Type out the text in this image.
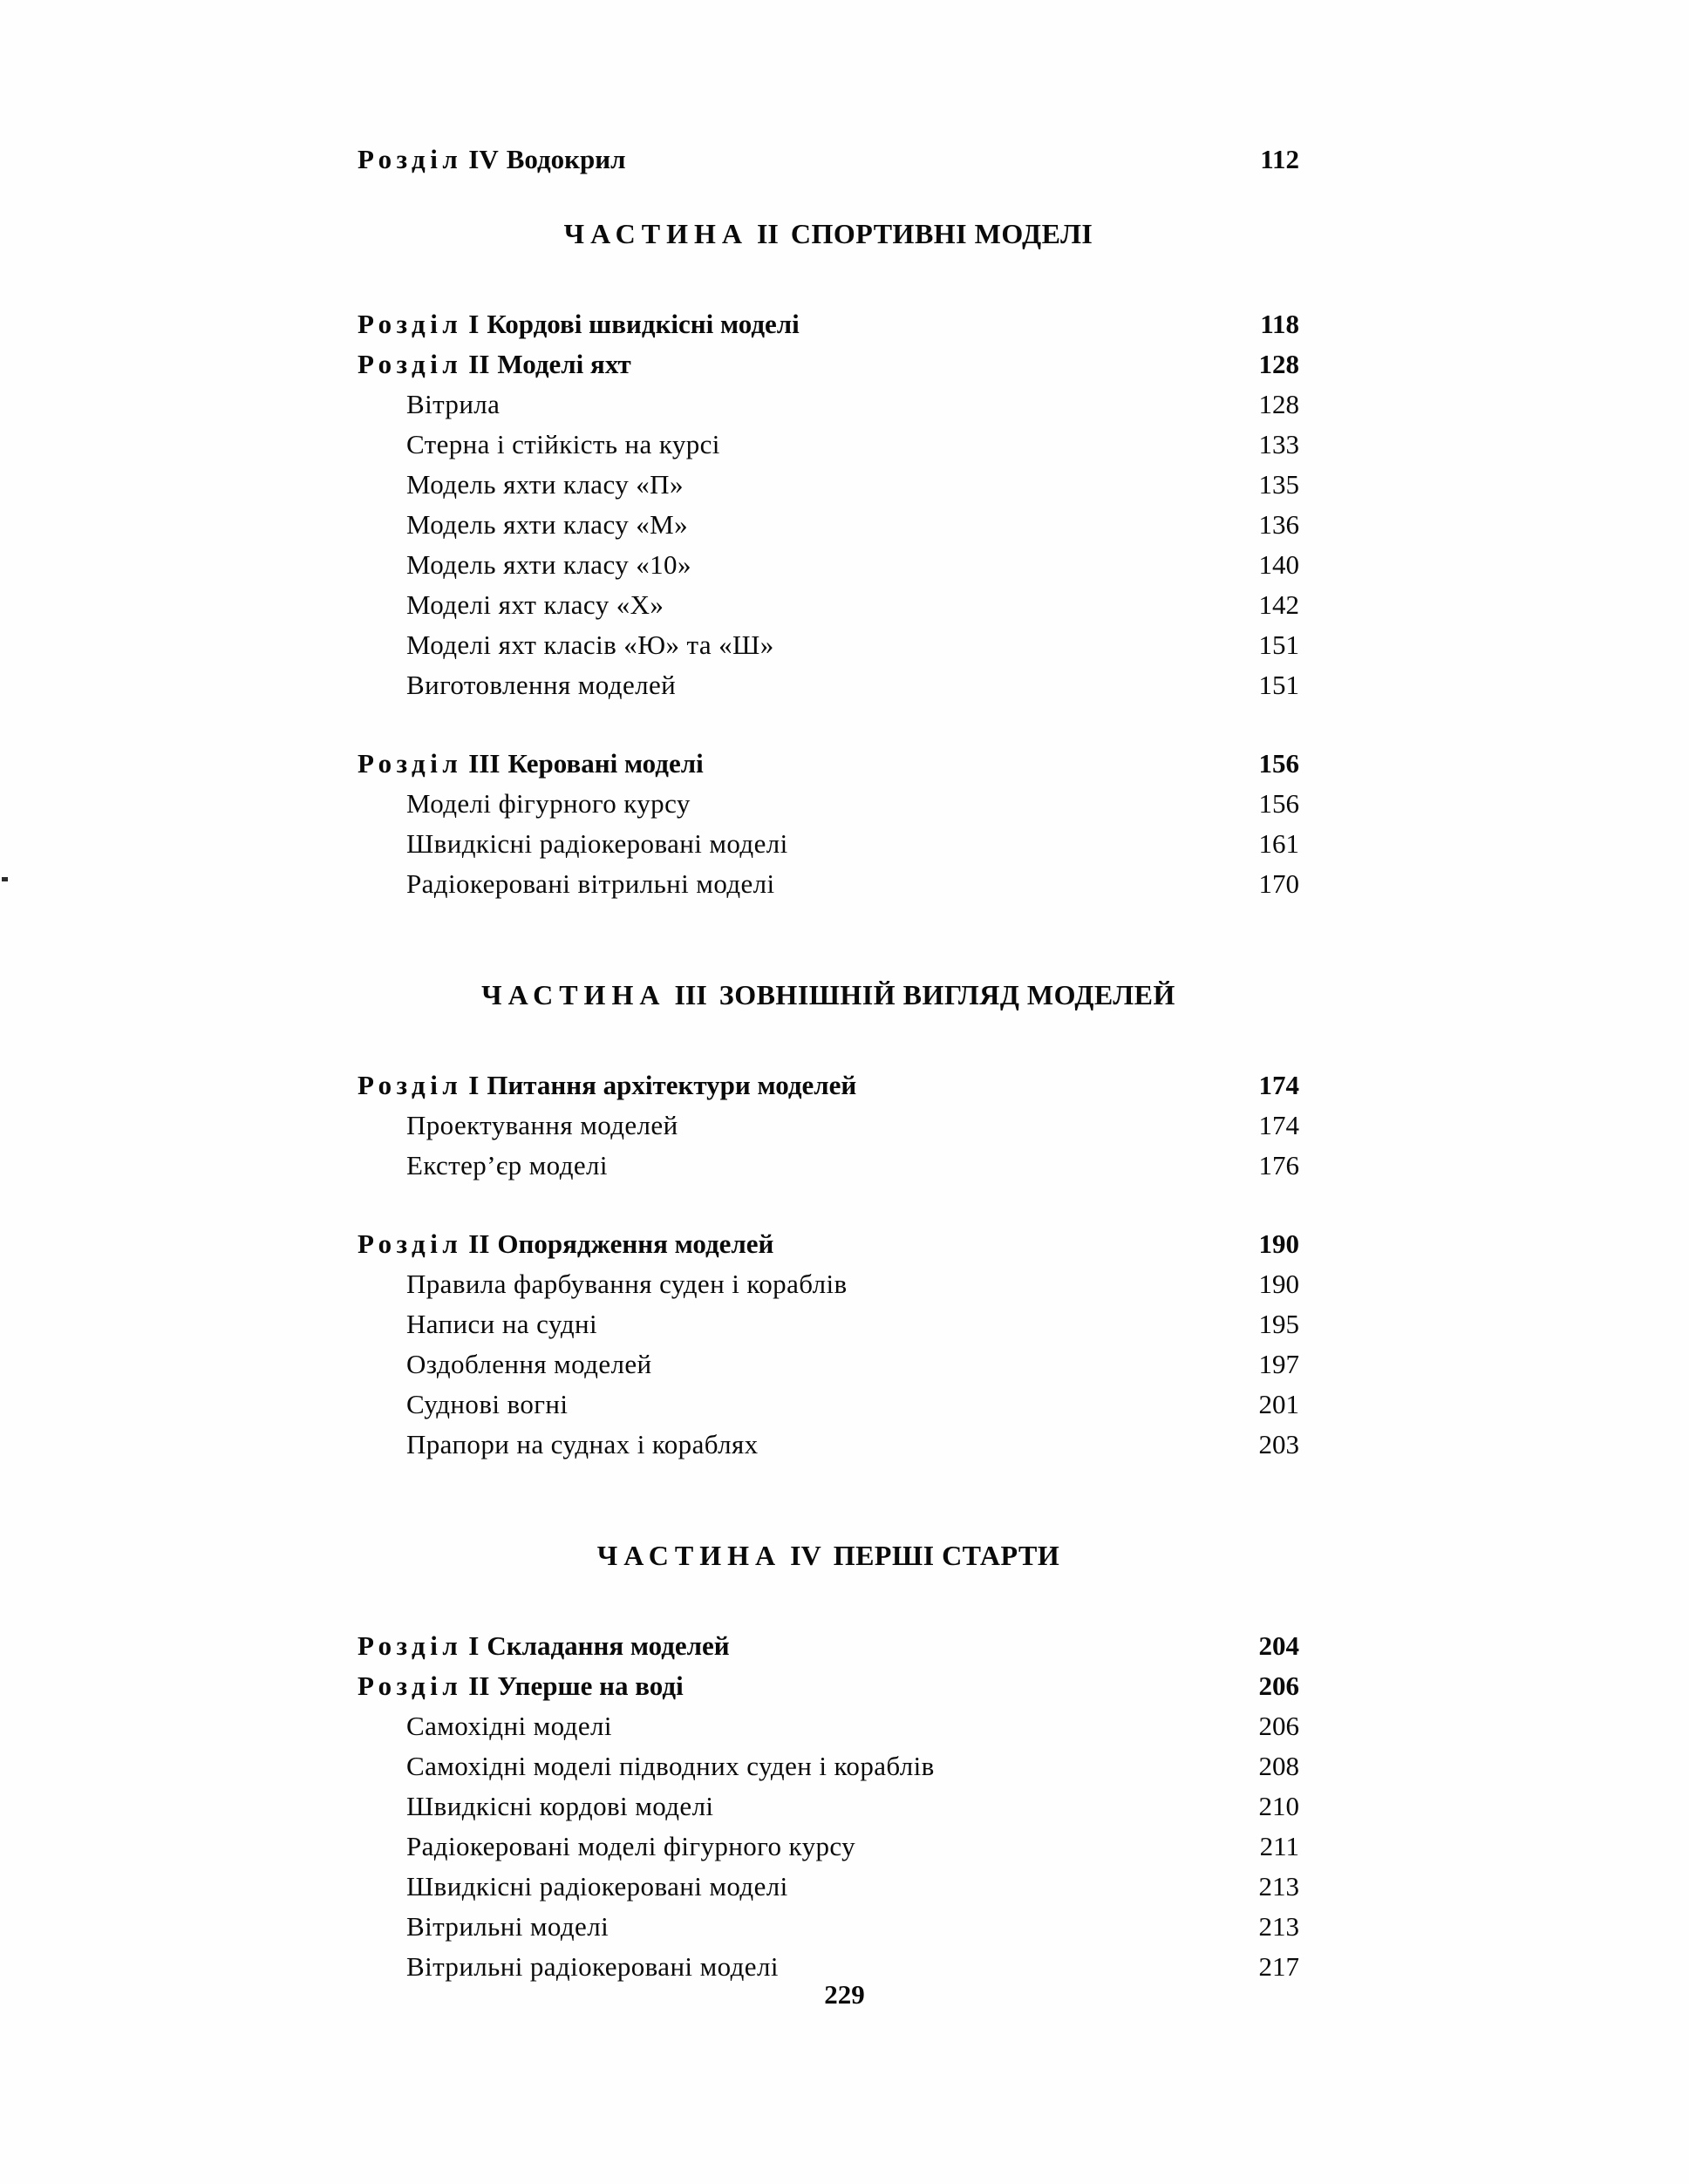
Розділ IV Водокрил	112
ЧАСТИНА II СПОРТИВНІ МОДЕЛІ
Розділ I Кордові швидкісні моделі	118
Розділ II Моделі яхт	128
Вітрила	128
Стерна і стійкість на курсі	133
Модель яхти класу «П»	135
Модель яхти класу «М»	136
Модель яхти класу «10»	140
Моделі яхт класу «Х»	142
Моделі яхт класів «Ю» та «Ш»	151
Виготовлення моделей	151
Розділ III Керовані моделі	156
Моделі фігурного курсу	156
Швидкісні радіокеровані моделі	161
Радіокеровані вітрильні моделі	170
ЧАСТИНА III ЗОВНІШНІЙ ВИГЛЯД МОДЕЛЕЙ
Розділ I Питання архітектури моделей	174
Проектування моделей	174
Екстер’єр моделі	176
Розділ II Опорядження моделей	190
Правила фарбування суден і кораблів	190
Написи на судні	195
Оздоблення моделей	197
Суднові вогні	201
Прапори на суднах і кораблях	203
ЧАСТИНА IV ПЕРШІ СТАРТИ
Розділ I Складання моделей	204
Розділ II Уперше на воді	206
Самохідні моделі	206
Самохідні моделі підводних суден і кораблів	208
Швидкісні кордові моделі	210
Радіокеровані моделі фігурного курсу	211
Швидкісні радіокеровані моделі	213
Вітрильні моделі	213
Вітрильні радіокеровані моделі	217
229
